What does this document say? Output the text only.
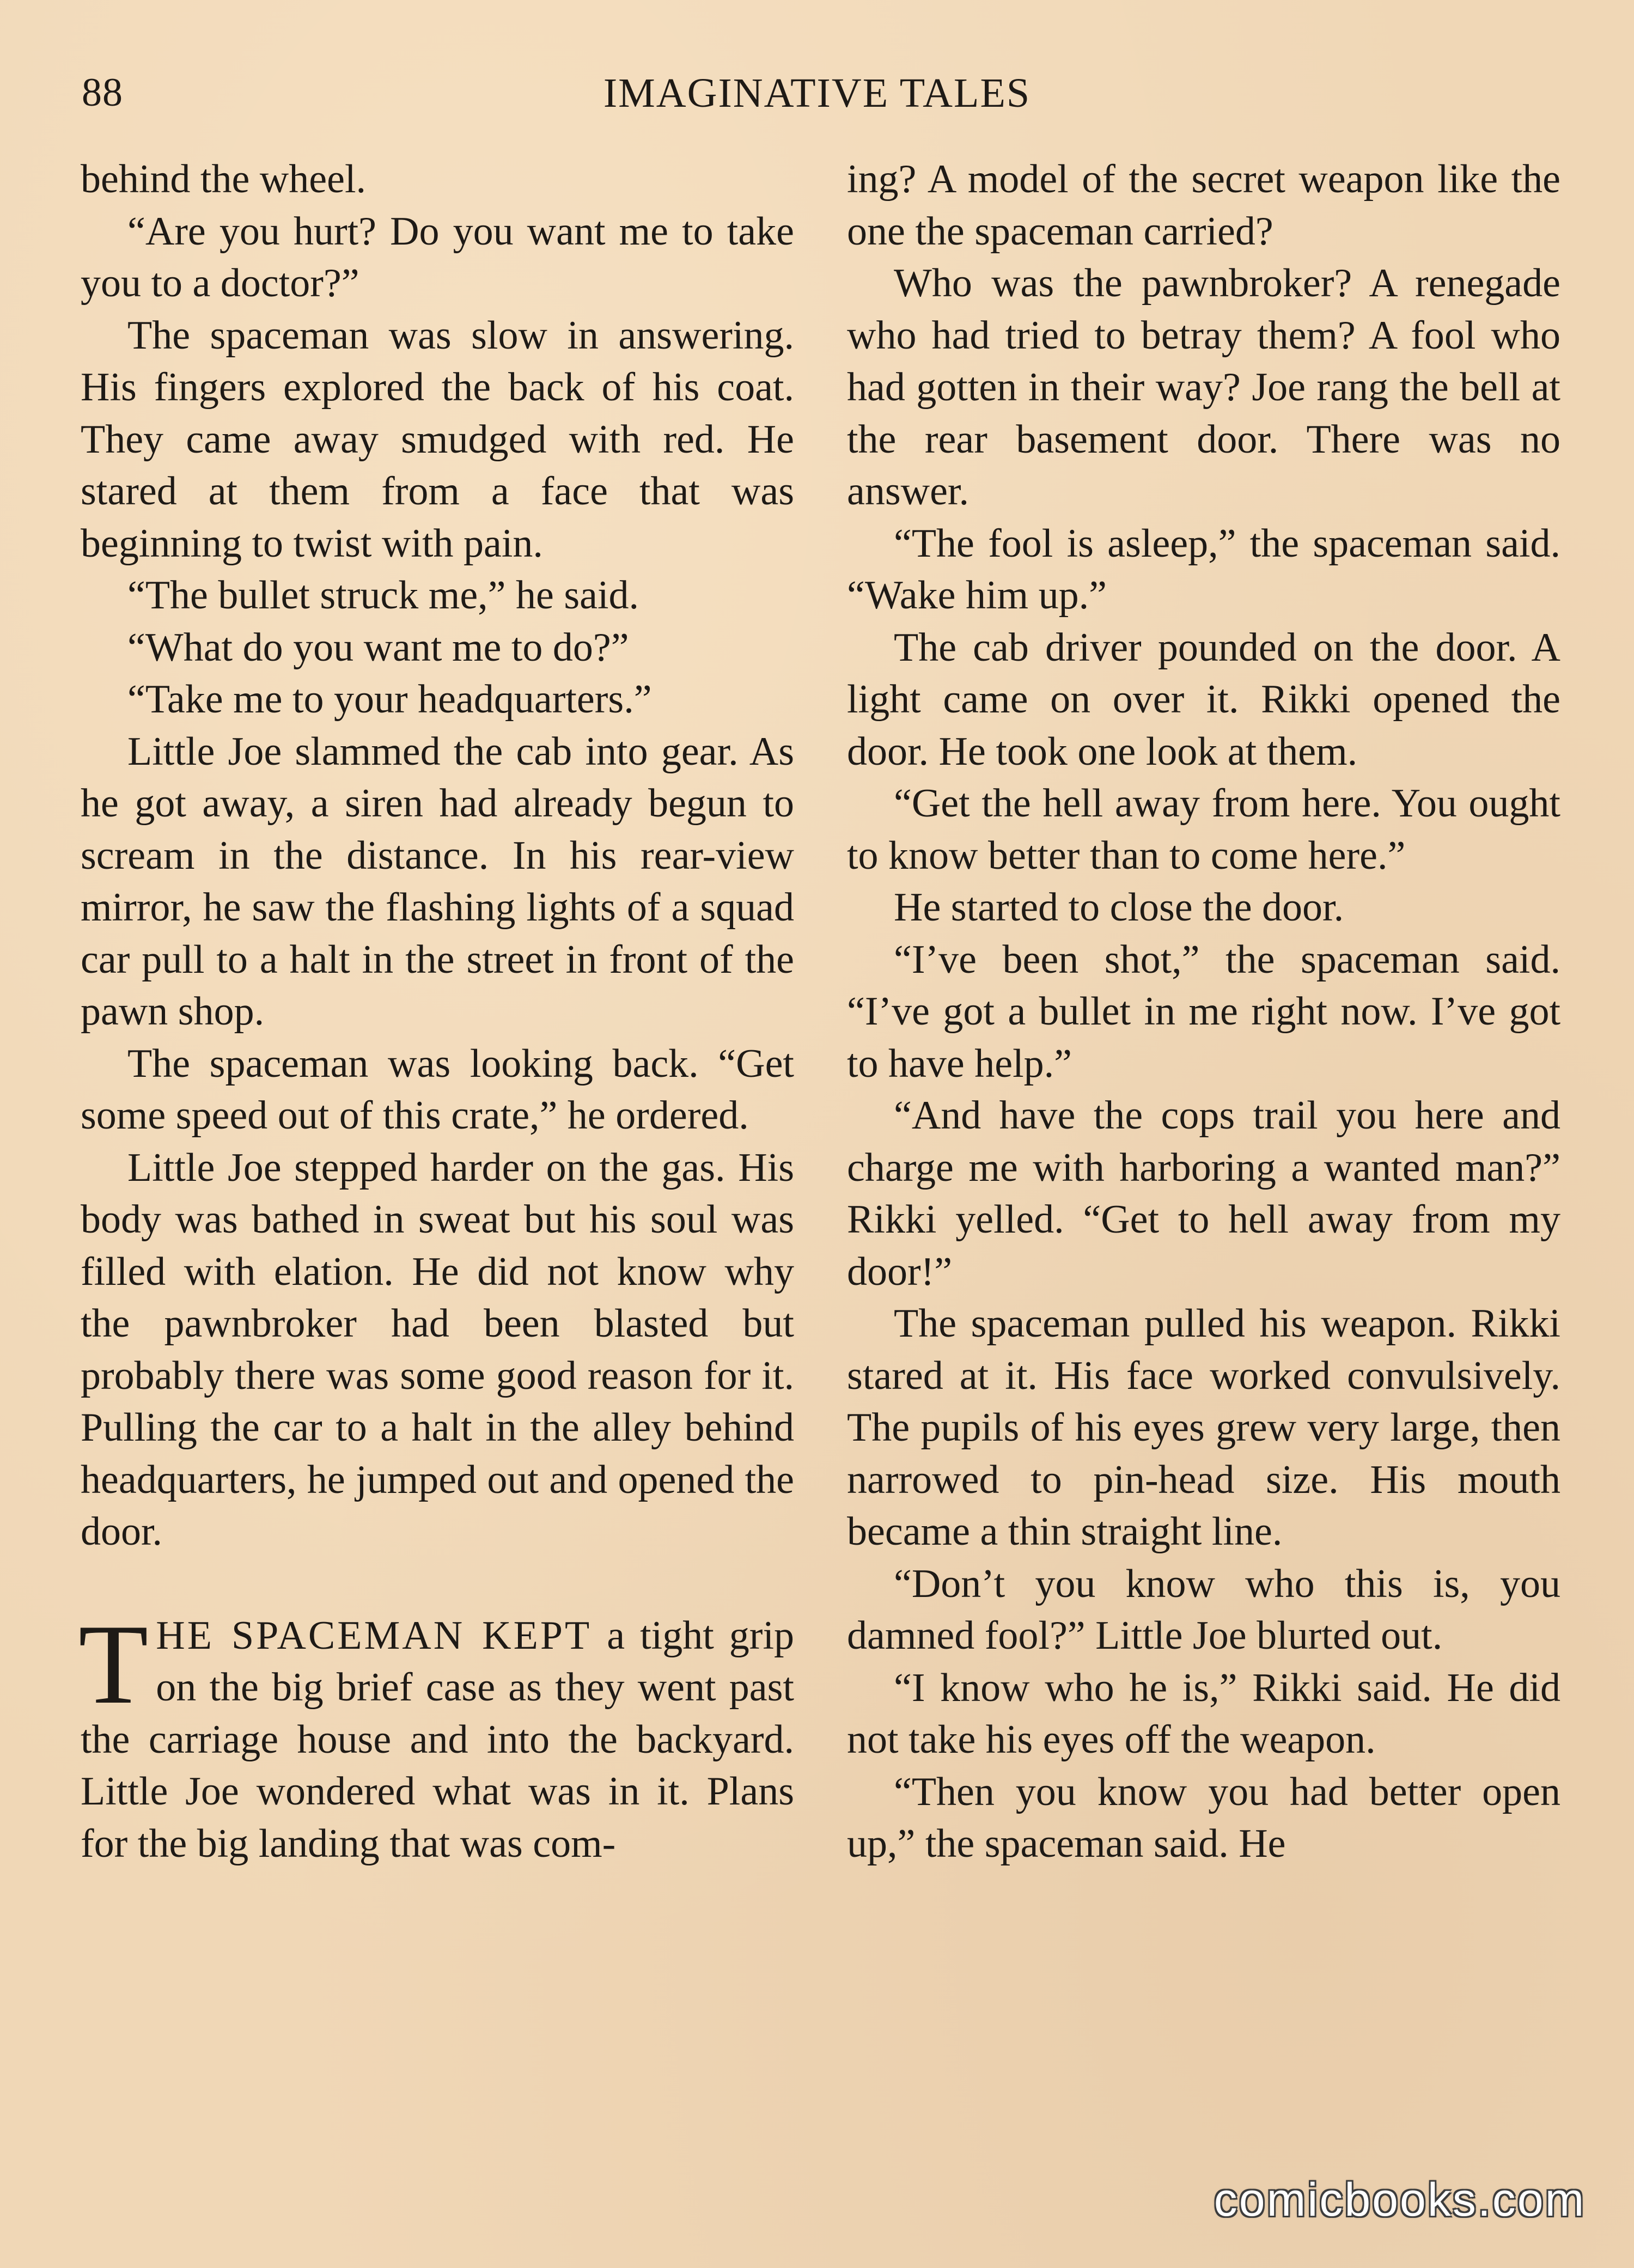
88	IMAGINATIVE TALES

behind the wheel.

“Are you hurt? Do you want me to take you to a doctor?”

The spaceman was slow in answering. His fingers explored the back of his coat. They came away smudged with red. He stared at them from a face that was beginning to twist with pain.

“The bullet struck me,” he said.

“What do you want me to do?”

“Take me to your headquarters.”

Little Joe slammed the cab into gear. As he got away, a siren had already begun to scream in the distance. In his rear-view mirror, he saw the flashing lights of a squad car pull to a halt in the street in front of the pawn shop.

The spaceman was looking back. “Get some speed out of this crate,” he ordered.

Little Joe stepped harder on the gas. His body was bathed in sweat but his soul was filled with elation. He did not know why the pawnbroker had been blasted but probably there was some good reason for it. Pulling the car to a halt in the alley behind headquarters, he jumped out and opened the door.

THE SPACEMAN KEPT a tight grip on the big brief case as they went past the carriage house and into the backyard. Little Joe wondered what was in it. Plans for the big landing that was com-

ing? A model of the secret weapon like the one the spaceman carried?

Who was the pawnbroker? A renegade who had tried to betray them? A fool who had gotten in their way? Joe rang the bell at the rear basement door. There was no answer.

“The fool is asleep,” the spaceman said. “Wake him up.”

The cab driver pounded on the door. A light came on over it. Rikki opened the door. He took one look at them.

“Get the hell away from here. You ought to know better than to come here.”

He started to close the door.

“I’ve been shot,” the spaceman said. “I’ve got a bullet in me right now. I’ve got to have help.”

“And have the cops trail you here and charge me with harboring a wanted man?” Rikki yelled. “Get to hell away from my door!”

The spaceman pulled his weapon. Rikki stared at it. His face worked convulsively. The pupils of his eyes grew very large, then narrowed to pin-head size. His mouth became a thin straight line.

“Don’t you know who this is, you damned fool?” Little Joe blurted out.

“I know who he is,” Rikki said. He did not take his eyes off the weapon.

“Then you know you had better open up,” the spaceman said. He

comicbooks.com
